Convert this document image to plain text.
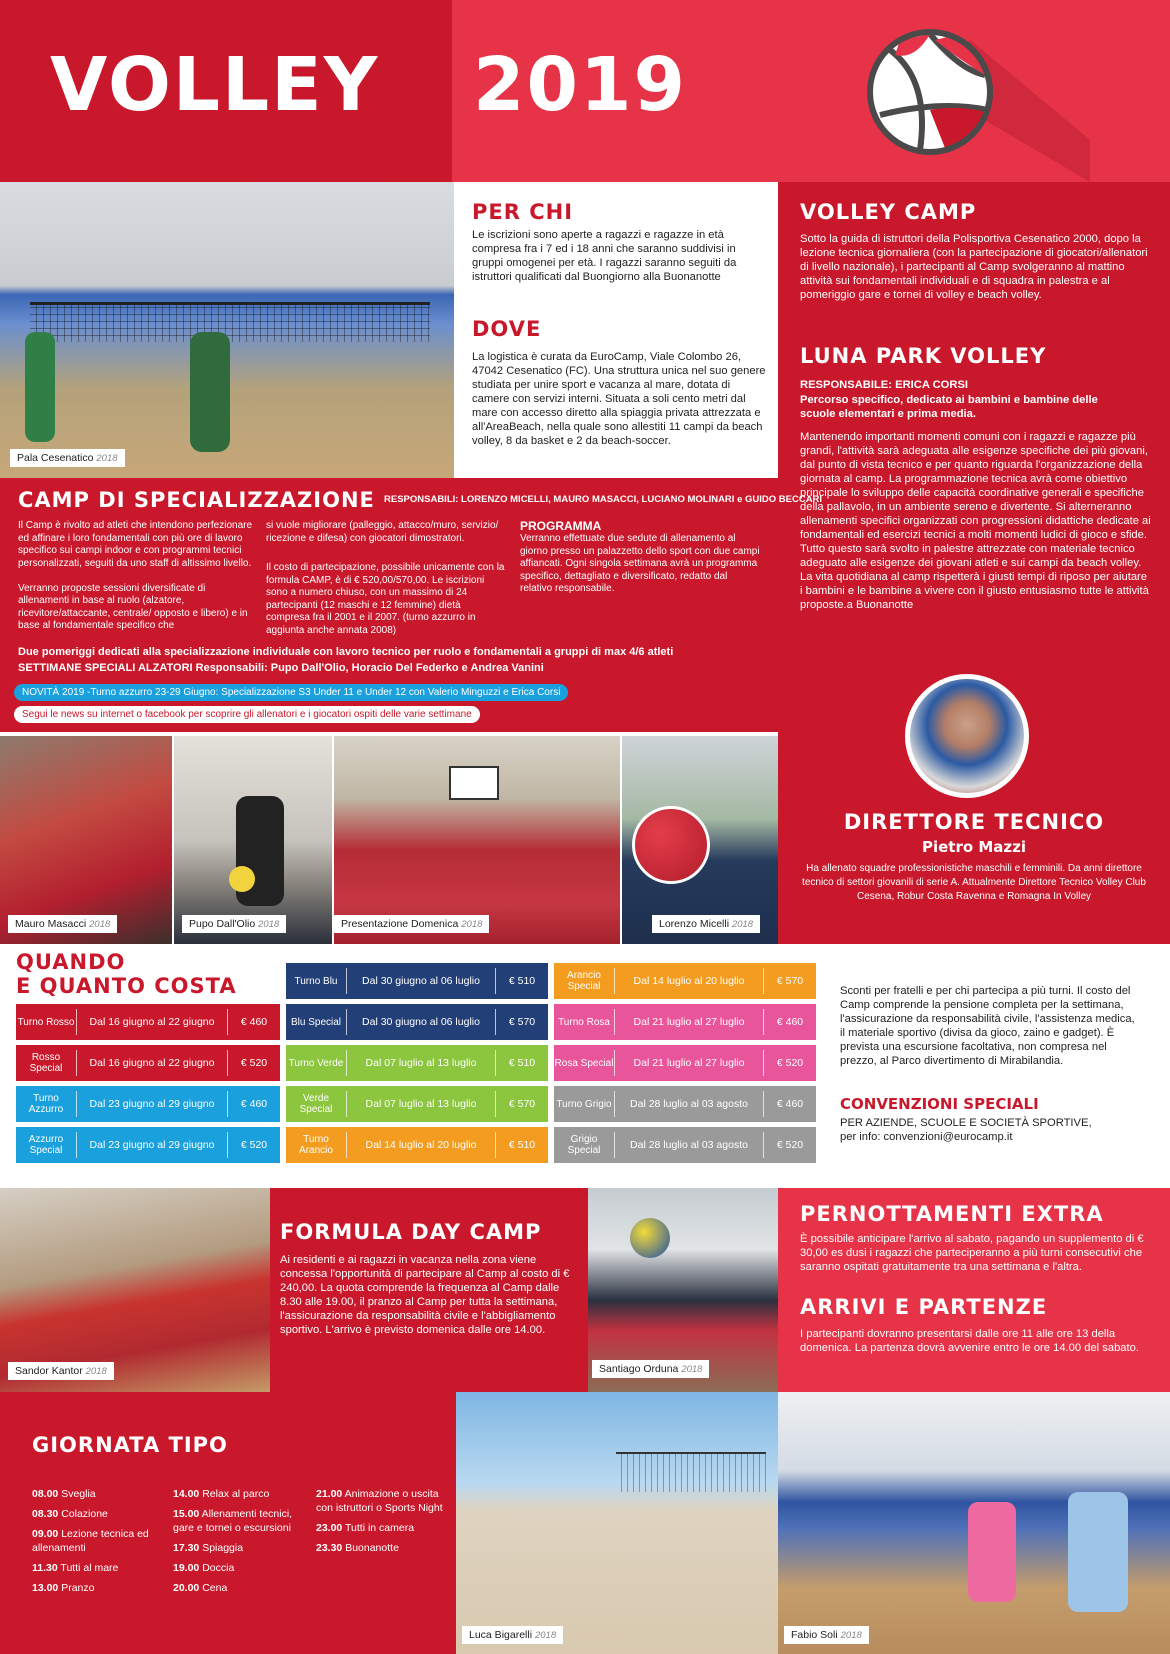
VOLLEY 2019
Pala Cesenatico 2018
PER CHI
Le iscrizioni sono aperte a ragazzi e ragazze in età compresa fra i 7 ed i 18 anni che saranno suddivisi in gruppi omogenei per età. I ragazzi saranno seguiti da istruttori qualificati dal Buongiorno alla Buonanotte
DOVE
La logistica è curata da EuroCamp, Viale Colombo 26, 47042 Cesenatico (FC). Una struttura unica nel suo genere studiata per unire sport e vacanza al mare, dotata di camere con servizi interni. Situata a soli cento metri dal mare con accesso diretto alla spiaggia privata attrezzata e all'AreaBeach, nella quale sono allestiti 11 campi da beach volley, 8 da basket e 2 da beach-soccer.
VOLLEY CAMP
Sotto la guida di istruttori della Polisportiva Cesenatico 2000, dopo la lezione tecnica giornaliera (con la partecipazione di giocatori/allenatori di livello nazionale), i partecipanti al Camp svolgeranno al mattino attività sui fondamentali individuali e di squadra in palestra e al pomeriggio gare e tornei di volley e beach volley.
LUNA PARK VOLLEY
RESPONSABILE: ERICA CORSI
Percorso specifico, dedicato ai bambini e bambine delle scuole elementari e prima media.
Mantenendo importanti momenti comuni con i ragazzi e ragazze più grandi, l'attività sarà adeguata alle esigenze specifiche dei più giovani, dal punto di vista tecnico e per quanto riguarda l'organizzazione della giornata al camp. La programmazione tecnica avrà come obiettivo principale lo sviluppo delle capacità coordinative generali e specifiche della pallavolo, in un ambiente sereno e divertente. Si alterneranno allenamenti specifici organizzati con progressioni didattiche dedicate ai fondamentali ed esercizi tecnici a molti momenti ludici di gioco e sfide. Tutto questo sarà svolto in palestre attrezzate con materiale tecnico adeguato alle esigenze dei giovani atleti e sui campi da beach volley. La vita quotidiana al camp rispetterà i giusti tempi di riposo per aiutare i bambini e le bambine a vivere con il giusto entusiasmo tutte le attività proposte.a Buonanotte
CAMP DI SPECIALIZZAZIONE RESPONSABILI: LORENZO MICELLI, MAURO MASACCI, LUCIANO MOLINARI e GUIDO BECCARI
Il Camp è rivolto ad atleti che intendono perfezionare ed affinare i loro fondamentali con più ore di lavoro specifico sui campi indoor e con programmi tecnici personalizzati, seguiti da uno staff di altissimo livello.

Verranno proposte sessioni diversificate di allenamenti in base al ruolo (alzatore, ricevitore/attaccante, centrale/ opposto e libero) e in base al fondamentale specifico che
si vuole migliorare (palleggio, attacco/muro, servizio/ ricezione e difesa) con giocatori dimostratori.
Il costo di partecipazione, possibile unicamente con la formula CAMP, è di € 520,00/570,00. Le iscrizioni sono a numero chiuso, con un massimo di 24 partecipanti (12 maschi e 12 femmine) dietà compresa fra il 2001 e il 2007. (turno azzurro in aggiunta anche annata 2008)
PROGRAMMA
Verranno effettuate due sedute di allenamento al giorno presso un palazzetto dello sport con due campi affiancati. Ogni singola settimana avrà un programma specifico, dettagliato e diversificato, redatto dal relativo responsabile.
Due pomeriggi dedicati alla specializzazione individuale con lavoro tecnico per ruolo e fondamentali a gruppi di max 4/6 atleti
SETTIMANE SPECIALI ALZATORI Responsabili: Pupo Dall'Olio, Horacio Del Federko e Andrea Vanini
NOVITÀ 2019 -Turno azzurro 23-29 Giugno: Specializzazione S3 Under 11 e Under 12 con Valerio Minguzzi e Erica Corsi
Segui le news su internet o facebook per scoprire gli allenatori e i giocatori ospiti delle varie settimane
Mauro Masacci 2018	Pupo Dall'Olio 2018	Presentazione Domenica 2018	Lorenzo Micelli 2018
DIRETTORE TECNICO
Pietro Mazzi
Ha allenato squadre professionistiche maschili e femminili. Da anni direttore tecnico di settori giovanili di serie A. Attualmente Direttore Tecnico Volley Club Cesena, Robur Costa Ravenna e Romagna In Volley
QUANDO
E QUANTO COSTA
Turno Rosso	Dal 16 giugno al 22 giugno	€ 460
Rosso Special	Dal 16 giugno al 22 giugno	€ 520
Turno Azzurro	Dal 23 giugno al 29 giugno	€ 460
Azzurro Special	Dal 23 giugno al 29 giugno	€ 520
Turno Blu	Dal 30 giugno al 06 luglio	€ 510
Blu Special	Dal 30 giugno al 06 luglio	€ 570
Turno Verde	Dal 07 luglio al 13 luglio	€ 510
Verde Special	Dal 07 luglio al 13 luglio	€ 570
Turno Arancio	Dal 14 luglio al 20 luglio	€ 510
Arancio Special	Dal 14 luglio al 20 luglio	€ 570
Turno Rosa	Dal 21 luglio al 27 luglio	€ 460
Rosa Special	Dal 21 luglio al 27 luglio	€ 520
Turno Grigio	Dal 28 luglio al 03 agosto	€ 460
Grigio Special	Dal 28 luglio al 03 agosto	€ 520
Sconti per fratelli e per chi partecipa a più turni. Il costo del Camp comprende la pensione completa per la settimana, l'assicurazione da responsabilità civile, l'assistenza medica, il materiale sportivo (divisa da gioco, zaino e gadget). È prevista una escursione facoltativa, non compresa nel prezzo, al Parco divertimento di Mirabilandia.
CONVENZIONI SPECIALI
PER AZIENDE, SCUOLE E SOCIETÀ SPORTIVE,
per info: convenzioni@eurocamp.it
Sandor Kantor 2018
FORMULA DAY CAMP
Ai residenti e ai ragazzi in vacanza nella zona viene concessa l'opportunità di partecipare al Camp al costo di € 240,00. La quota comprende la frequenza al Camp dalle 8.30 alle 19.00, il pranzo al Camp per tutta la settimana, l'assicurazione da responsabilità civile e l'abbigliamento sportivo. L'arrivo è previsto domenica dalle ore 14.00.
Santiago Orduna 2018
PERNOTTAMENTI EXTRA
È possibile anticipare l'arrivo al sabato, pagando un supplemento di € 30,00 es dusi i ragazzi che parteciperanno a più turni consecutivi che saranno ospitati gratuitamente tra una settimana e l'altra.
ARRIVI E PARTENZE
I partecipanti dovranno presentarsi dalle ore 11 alle ore 13 della domenica. La partenza dovrà avvenire entro le ore 14.00 del sabato.
GIORNATA TIPO
08.00 Sveglia
08.30 Colazione
09.00 Lezione tecnica ed allenamenti
11.30 Tutti al mare
13.00 Pranzo
14.00 Relax al parco
15.00 Allenamenti tecnici, gare e tornei o escursioni
17.30 Spiaggia
19.00 Doccia
20.00 Cena
21.00 Animazione o uscita con istruttori o Sports Night
23.00 Tutti in camera
23.30 Buonanotte
Luca Bigarelli 2018	Fabio Soli 2018
